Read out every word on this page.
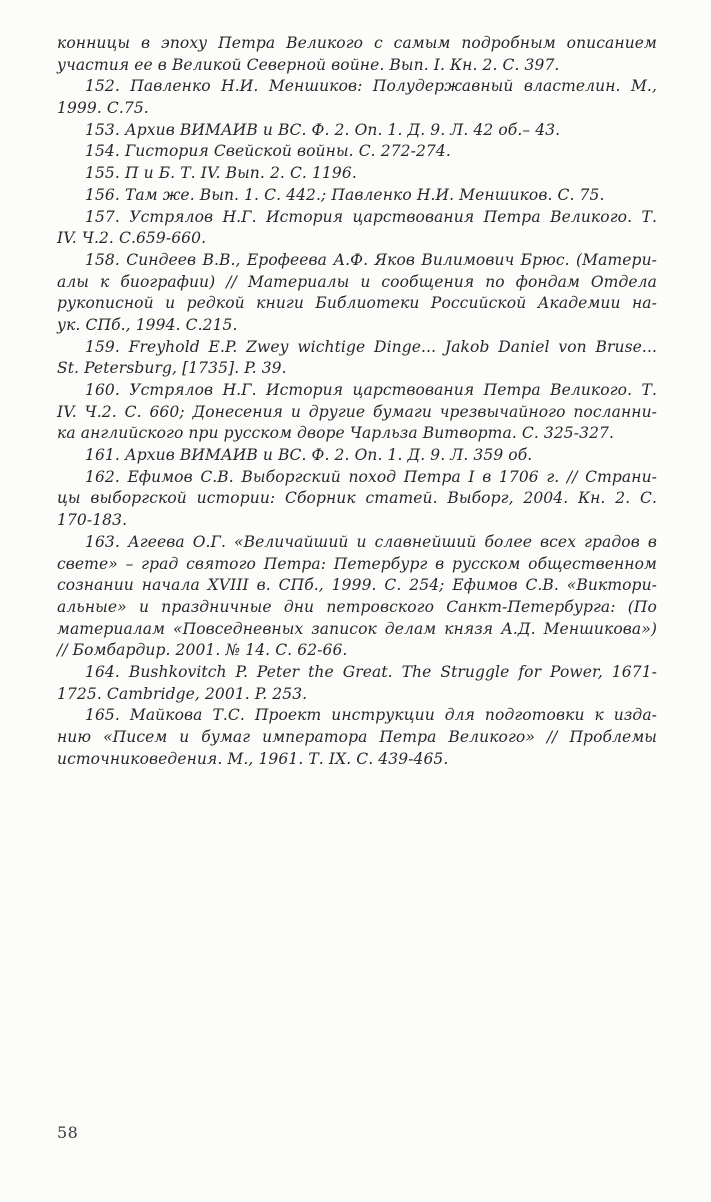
конницы в эпоху Петра Великого с самым подробным описанием
участия ее в Великой Северной войне. Вып. I. Кн. 2. С. 397.
152. Павленко Н.И. Меншиков: Полудержавный властелин. М.,
1999. С.75.
153. Архив ВИМАИВ и ВС. Ф. 2. Оп. 1. Д. 9. Л. 42 об.– 43.
154. Гистория Свейской войны. С. 272-274.
155. П и Б. Т. IV. Вып. 2. С. 1196.
156. Там же. Вып. 1. С. 442.; Павленко Н.И. Меншиков. С. 75.
157. Устрялов Н.Г. История царствования Петра Великого. Т.
IV. Ч.2. С.659-660.
158. Синдеев В.В., Ерофеева А.Ф. Яков Вилимович Брюс. (Матери-
алы к биографии) // Материалы и сообщения по фондам Отдела
рукописной и редкой книги Библиотеки Российской Академии на-
ук. СПб., 1994. С.215.
159. Freyhold E.P. Zwey wichtige Dinge... Jakob Daniel von Bruse...
St. Petersburg, [1735]. P. 39.
160. Устрялов Н.Г. История царствования Петра Великого. Т.
IV. Ч.2. С. 660; Донесения и другие бумаги чрезвычайного посланни-
ка английского при русском дворе Чарльза Витворта. С. 325-327.
161. Архив ВИМАИВ и ВС. Ф. 2. Оп. 1. Д. 9. Л. 359 об.
162. Ефимов С.В. Выборгский поход Петра I в 1706 г. // Страни-
цы выборгской истории: Сборник статей. Выборг, 2004. Кн. 2. С.
170-183.
163. Агеева О.Г. «Величайший и славнейший более всех градов в
свете» – град святого Петра: Петербург в русском общественном
сознании начала XVIII в. СПб., 1999. С. 254; Ефимов С.В. «Виктори-
альные» и праздничные дни петровского Санкт-Петербурга: (По
материалам «Повседневных записок делам князя А.Д. Меншикова»)
// Бомбардир. 2001. № 14. С. 62-66.
164. Bushkovitch P. Peter the Great. The Struggle for Power, 1671-
1725. Cambridge, 2001. P. 253.
165. Майкова Т.С. Проект инструкции для подготовки к изда-
нию «Писем и бумаг императора Петра Великого» // Проблемы
источниковедения. М., 1961. Т. IX. С. 439-465.
58
